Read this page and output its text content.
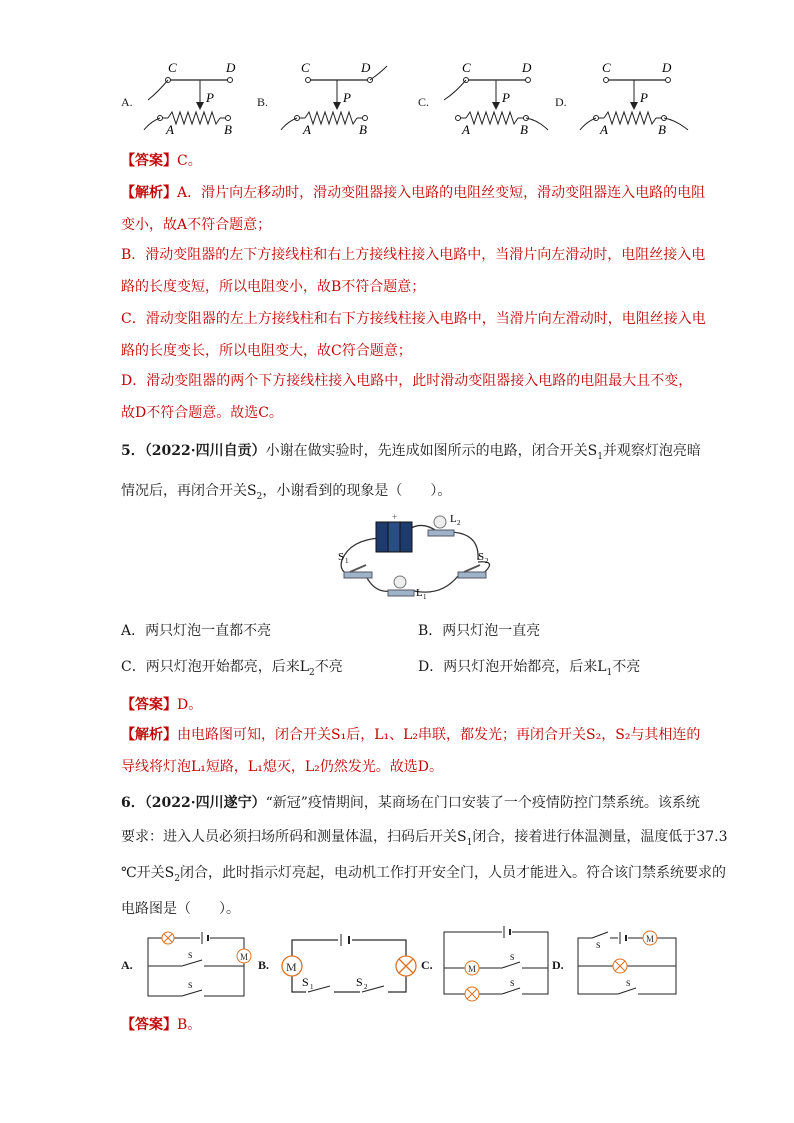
A.
C	D
P
A	B
B.
C	D
P
A	B
C.
C	D
P
A	B
D.
C	D
P
A	B
【答案】C。
【解析】A．滑片向左移动时，滑动变阻器接入电路的电阻丝变短，滑动变阻器连入电路的电阻
变小，故A不符合题意；
B．滑动变阻器的左下方接线柱和右上方接线柱接入电路中，当滑片向左滑动时，电阻丝接入电
路的长度变短，所以电阻变小，故B不符合题意；
C．滑动变阻器的左上方接线柱和右下方接线柱接入电路中，当滑片向左滑动时，电阻丝接入电
路的长度变长，所以电阻变大，故C符合题意；
D．滑动变阻器的两个下方接线柱接入电路中，此时滑动变阻器接入电路的电阻最大且不变，
故D不符合题意。故选C。
5．（2022·四川自贡）小谢在做实验时，先连成如图所示的电路，闭合开关$S_1$并观察灯泡亮暗
情况后，再闭合开关$S_2$，小谢看到的现象是（　　）。
+	L 2
S 1
L 1
S 2
A．两只灯泡一直都不亮	B．两只灯泡一直亮
C．两只灯泡开始都亮，后来$L_2$不亮	D．两只灯泡开始都亮，后来$L_1$不亮
【答案】D。
【解析】由电路图可知，闭合开关S₁后，L₁、L₂串联，都发光；再闭合开关S₂，S₂与其相连的
导线将灯泡L₁短路，L₁熄灭，L₂仍然发光。故选D。
6．（2022·四川遂宁）“新冠”疫情期间，某商场在门口安装了一个疫情防控门禁系统。该系统
要求：进入人员必须扫场所码和测量体温，扫码后开关$S_1$闭合，接着进行体温测量，温度低于37.3
℃开关$S_2$闭合，此时指示灯亮起，电动机工作打开安全门，人员才能进入。符合该门禁系统要求的
电路图是（　　）。
A.
M
S
S
B. M
S 1	S 2
C.	M
S
S
D.
S
M
S
【答案】B。
